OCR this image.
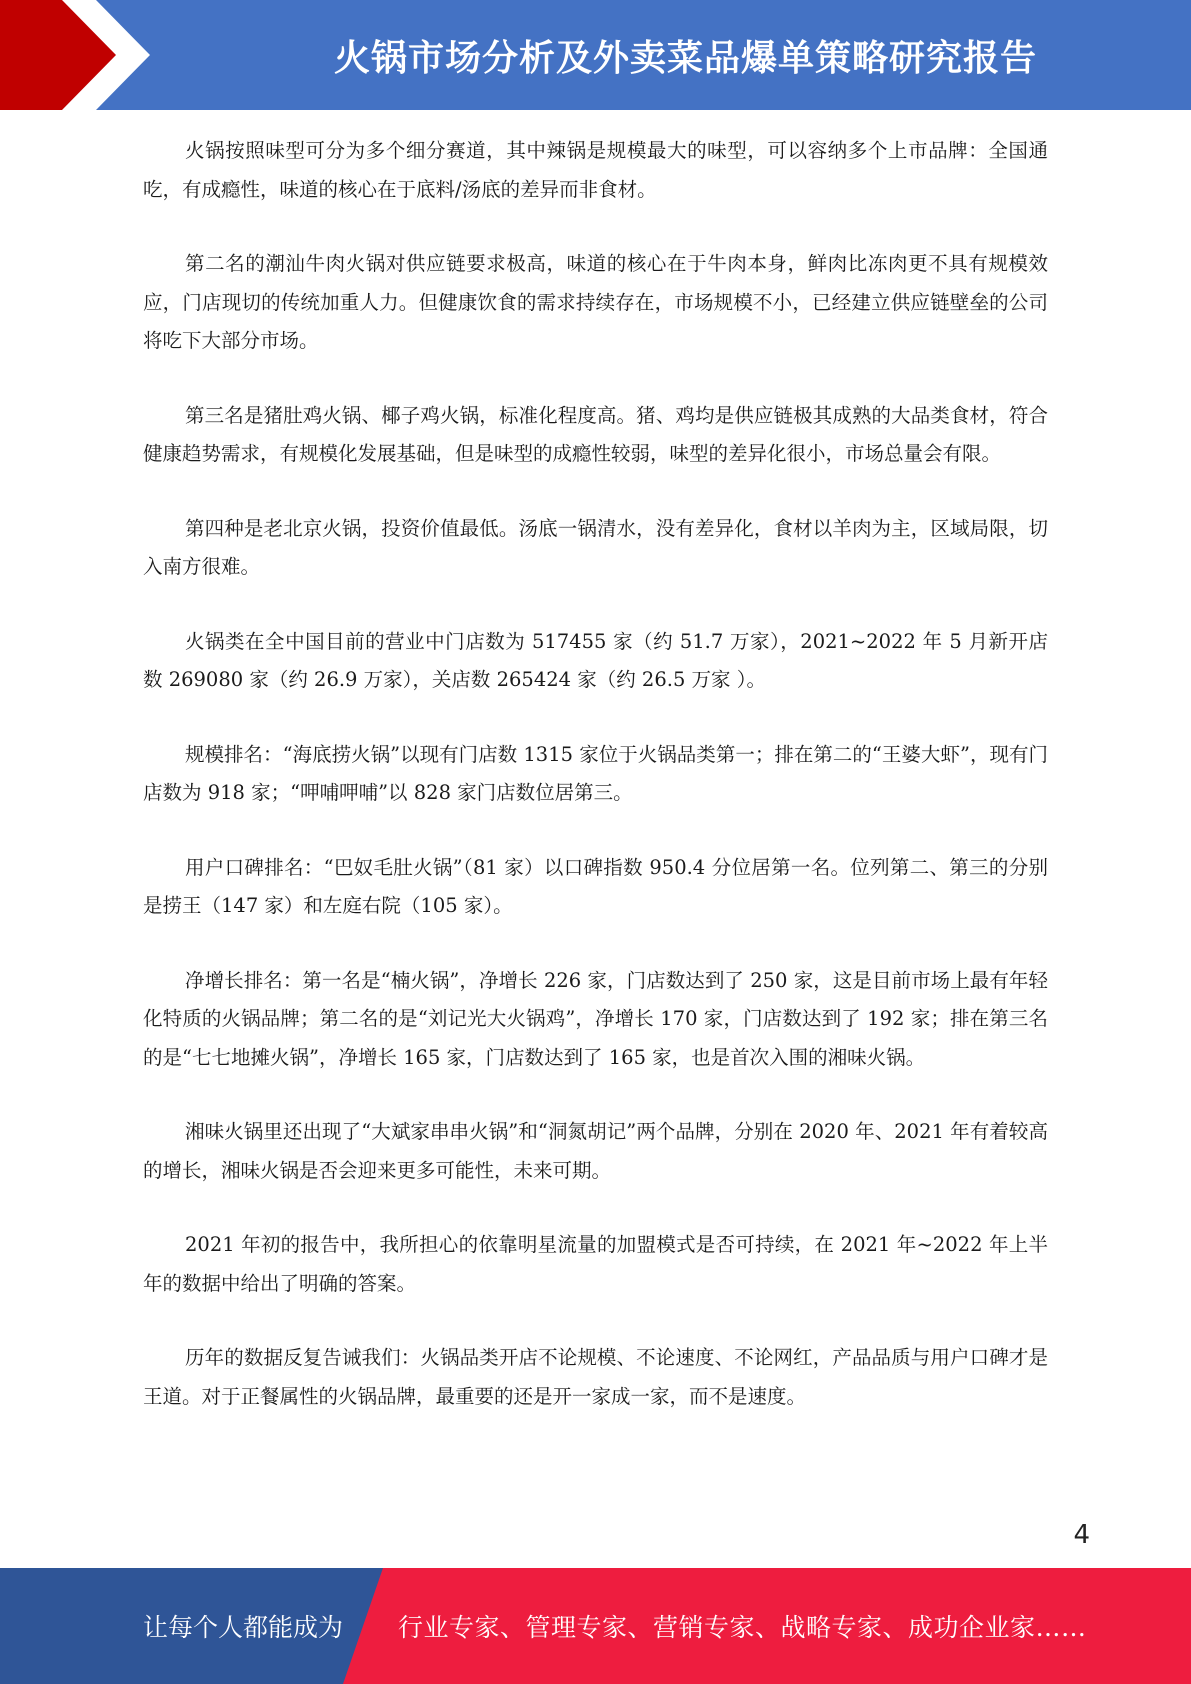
火锅市场分析及外卖菜品爆单策略研究报告

火锅按照味型可分为多个细分赛道，其中辣锅是规模最大的味型，可以容纳多个上市品牌：全国通吃，有成瘾性，味道的核心在于底料/汤底的差异而非食材。

第二名的潮汕牛肉火锅对供应链要求极高，味道的核心在于牛肉本身，鲜肉比冻肉更不具有规模效应，门店现切的传统加重人力。但健康饮食的需求持续存在，市场规模不小，已经建立供应链壁垒的公司将吃下大部分市场。

第三名是猪肚鸡火锅、椰子鸡火锅，标准化程度高。猪、鸡均是供应链极其成熟的大品类食材，符合健康趋势需求，有规模化发展基础，但是味型的成瘾性较弱，味型的差异化很小，市场总量会有限。

第四种是老北京火锅，投资价值最低。汤底一锅清水，没有差异化，食材以羊肉为主，区域局限，切入南方很难。

火锅类在全中国目前的营业中门店数为 517455 家（约 51.7 万家），2021~2022 年 5 月新开店数 269080 家（约 26.9 万家），关店数 265424 家（约 26.5 万家 ）。

规模排名：“海底捞火锅”以现有门店数 1315 家位于火锅品类第一；排在第二的“王婆大虾”，现有门店数为 918 家；“呷哺呷哺”以 828 家门店数位居第三。

用户口碑排名：“巴奴毛肚火锅”（81 家）以口碑指数 950.4 分位居第一名。位列第二、第三的分别是捞王（147 家）和左庭右院（105 家）。

净增长排名：第一名是“楠火锅”，净增长 226 家，门店数达到了 250 家，这是目前市场上最有年轻化特质的火锅品牌；第二名的是“刘记光大火锅鸡”，净增长 170 家，门店数达到了 192 家；排在第三名的是“七七地摊火锅”，净增长 165 家，门店数达到了 165 家，也是首次入围的湘味火锅。

湘味火锅里还出现了“大斌家串串火锅”和“洞氮胡记”两个品牌，分别在 2020 年、2021 年有着较高的增长，湘味火锅是否会迎来更多可能性，未来可期。

2021 年初的报告中，我所担心的依靠明星流量的加盟模式是否可持续，在 2021 年~2022 年上半年的数据中给出了明确的答案。

历年的数据反复告诫我们：火锅品类开店不论规模、不论速度、不论网红，产品品质与用户口碑才是王道。对于正餐属性的火锅品牌，最重要的还是开一家成一家，而不是速度。

4
让每个人都能成为 行业专家、管理专家、营销专家、战略专家、成功企业家……
